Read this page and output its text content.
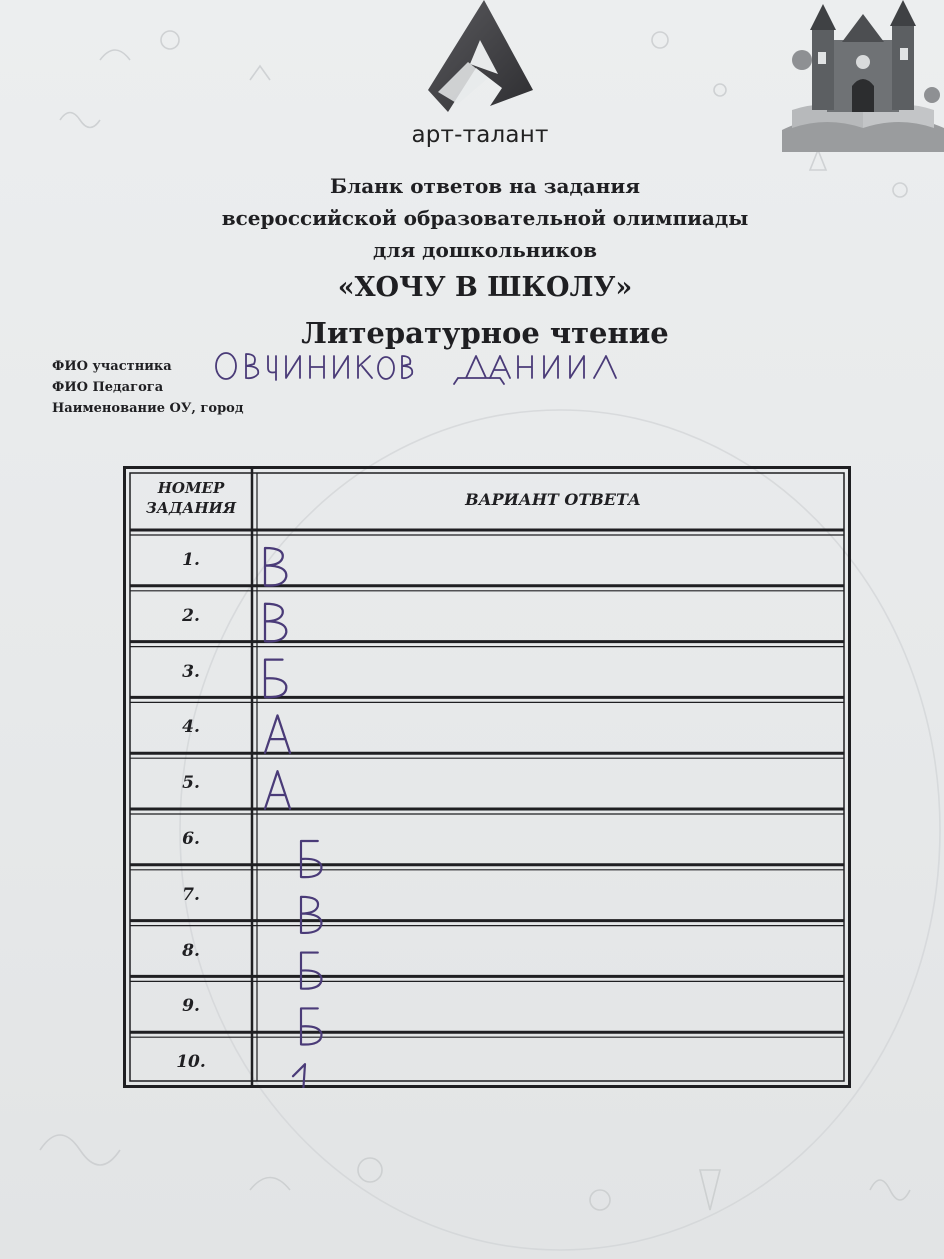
арт-талант
Бланк ответов на задания
всероссийской образовательной олимпиады
для дошкольников
«ХОЧУ В ШКОЛУ»
Литературное чтение
ФИО участника
ФИО Педагога
Наименование ОУ, город
НОМЕР
ЗАДАНИЯ	ВАРИАНТ ОТВЕТА
1.
2.
3.
4.
5.
6.
7.
8.
9.
10.
